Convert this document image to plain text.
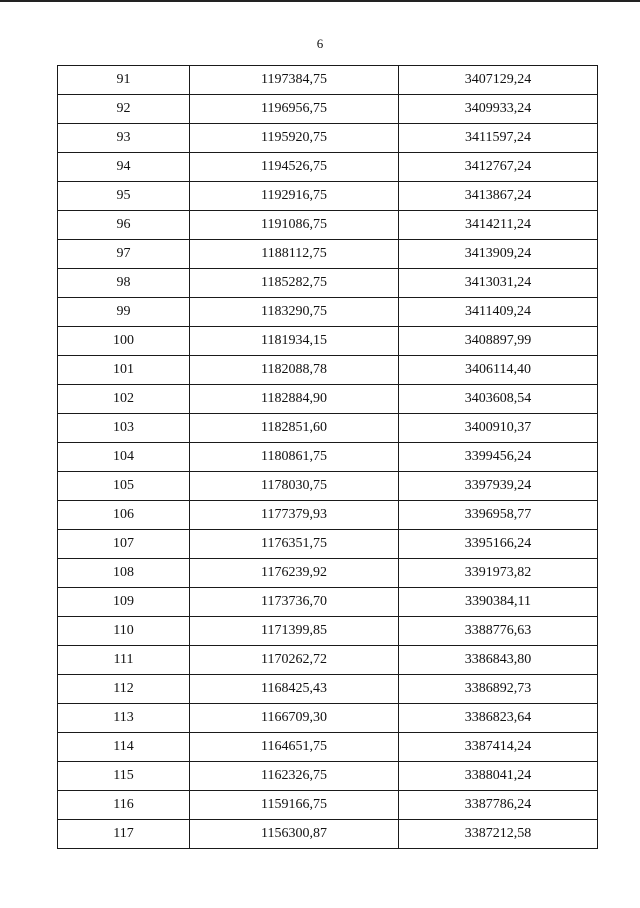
6
91	1197384,75	3407129,24
92	1196956,75	3409933,24
93	1195920,75	3411597,24
94	1194526,75	3412767,24
95	1192916,75	3413867,24
96	1191086,75	3414211,24
97	1188112,75	3413909,24
98	1185282,75	3413031,24
99	1183290,75	3411409,24
100	1181934,15	3408897,99
101	1182088,78	3406114,40
102	1182884,90	3403608,54
103	1182851,60	3400910,37
104	1180861,75	3399456,24
105	1178030,75	3397939,24
106	1177379,93	3396958,77
107	1176351,75	3395166,24
108	1176239,92	3391973,82
109	1173736,70	3390384,11
110	1171399,85	3388776,63
111	1170262,72	3386843,80
112	1168425,43	3386892,73
113	1166709,30	3386823,64
114	1164651,75	3387414,24
115	1162326,75	3388041,24
116	1159166,75	3387786,24
117	1156300,87	3387212,58
